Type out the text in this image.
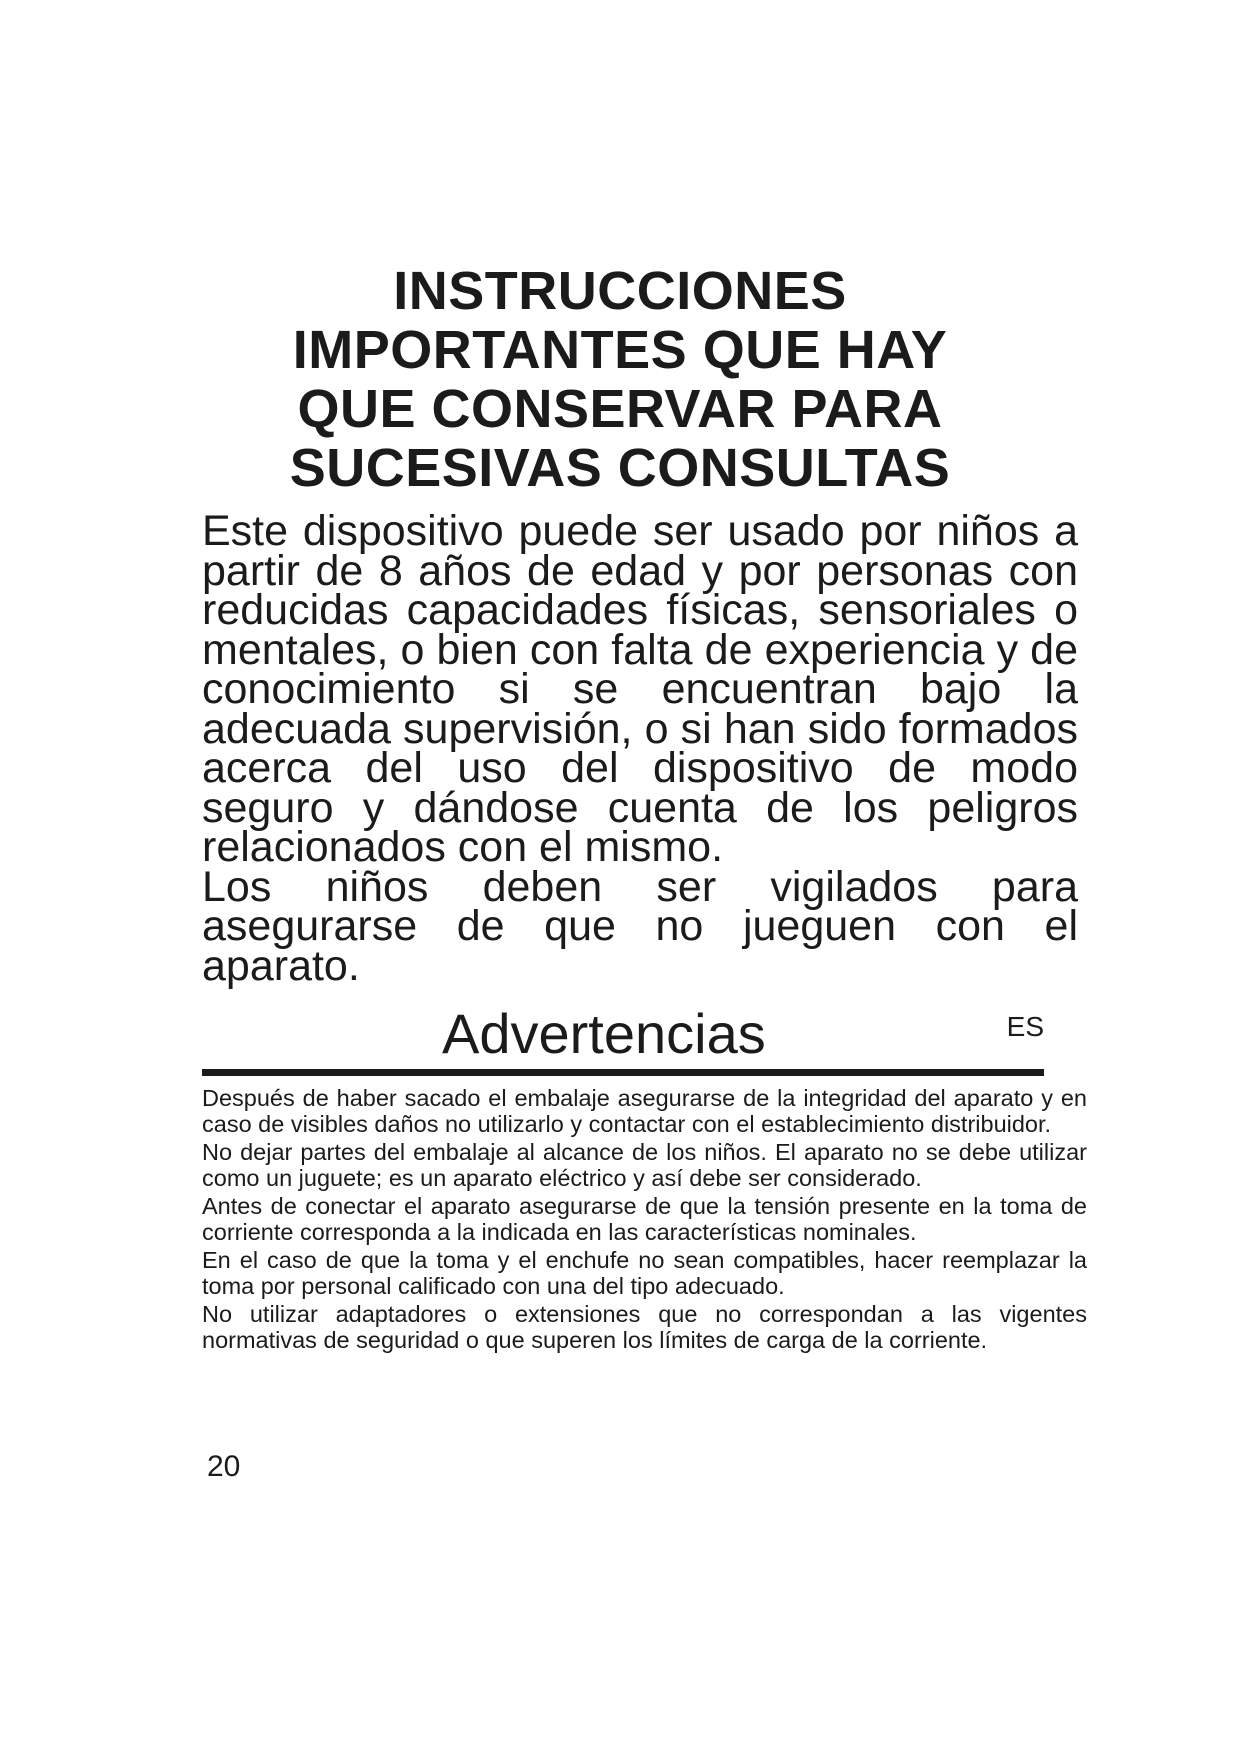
INSTRUCCIONES
IMPORTANTES QUE HAY
QUE CONSERVAR PARA
SUCESIVAS CONSULTAS

Este dispositivo puede ser usado por niños a partir de 8 años de edad y por personas con reducidas capacidades físicas, sensoriales o mentales, o bien con falta de experiencia y de conocimiento si se encuentran bajo la adecuada supervisión, o si han sido formados acerca del uso del dispositivo de modo seguro y dándose cuenta de los peligros relacionados con el mismo.

Los niños deben ser vigilados para asegurarse de que no jueguen con el aparato.

Advertencias	ES

Después de haber sacado el embalaje asegurarse de la integridad del aparato y en caso de visibles daños no utilizarlo y contactar con el establecimiento distribuidor.

No dejar partes del embalaje al alcance de los niños. El aparato no se debe utilizar como un juguete; es un aparato eléctrico y así debe ser considerado.

Antes de conectar el aparato asegurarse de que la tensión presente en la toma de corriente corresponda a la indicada en las características nominales.

En el caso de que la toma y el enchufe no sean compatibles, hacer reemplazar la toma por personal calificado con una del tipo adecuado.

No utilizar adaptadores o extensiones que no correspondan a las vigentes normativas de seguridad o que superen los límites de carga de la corriente.

20
